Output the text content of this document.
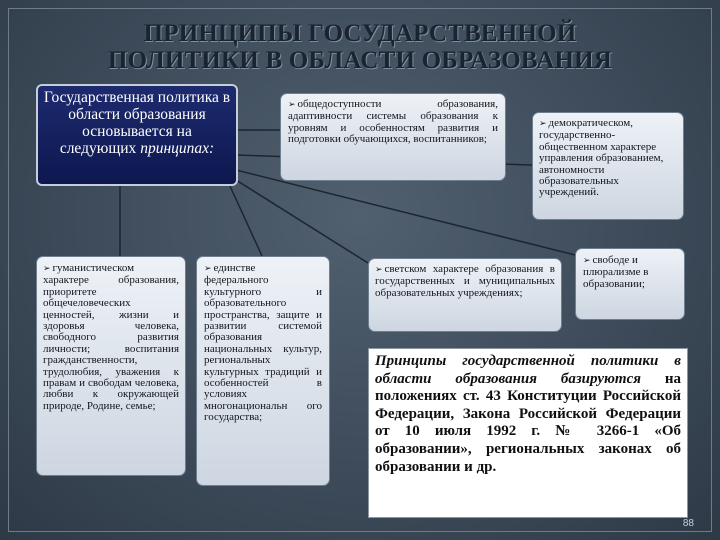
ПРИНЦИПЫ ГОСУДАРСТВЕННОЙ
ПОЛИТИКИ В ОБЛАСТИ ОБРАЗОВАНИЯ
Государственная политика в области образования основывается на следующих принципах:
➢ общедоступности образования, адаптивности системы образования к уровням и особенностям развития и подготовки обучающихся, воспитанников;
➢ демократическом, государственно-общественном характере управления образованием, автономности образовательных учреждений.
➢ гуманистическом характере образования, приоритете общечеловеческих ценностей, жизни и здоровья человека, свободного развития личности; воспитания гражданственности, трудолюбия, уважения к правам и свободам человека, любви к окружающей природе, Родине, семье;
➢ единстве федерального культурного и образовательного пространства, защите и развитии системой образования национальных культур, региональных культурных традиций и особенностей в условиях многонациональн ого государства;
➢ светском характере образования в государственных и муниципальных образовательных учреждениях;
➢ свободе и плюрализме в образовании;
Принципы государственной политики в области образования базируются на положениях ст. 43 Конституции Российской Федерации, Закона Российской Федерации от 10 июля 1992 г. № 3266-1 «Об образовании», региональных законах об образовании и др.
88
